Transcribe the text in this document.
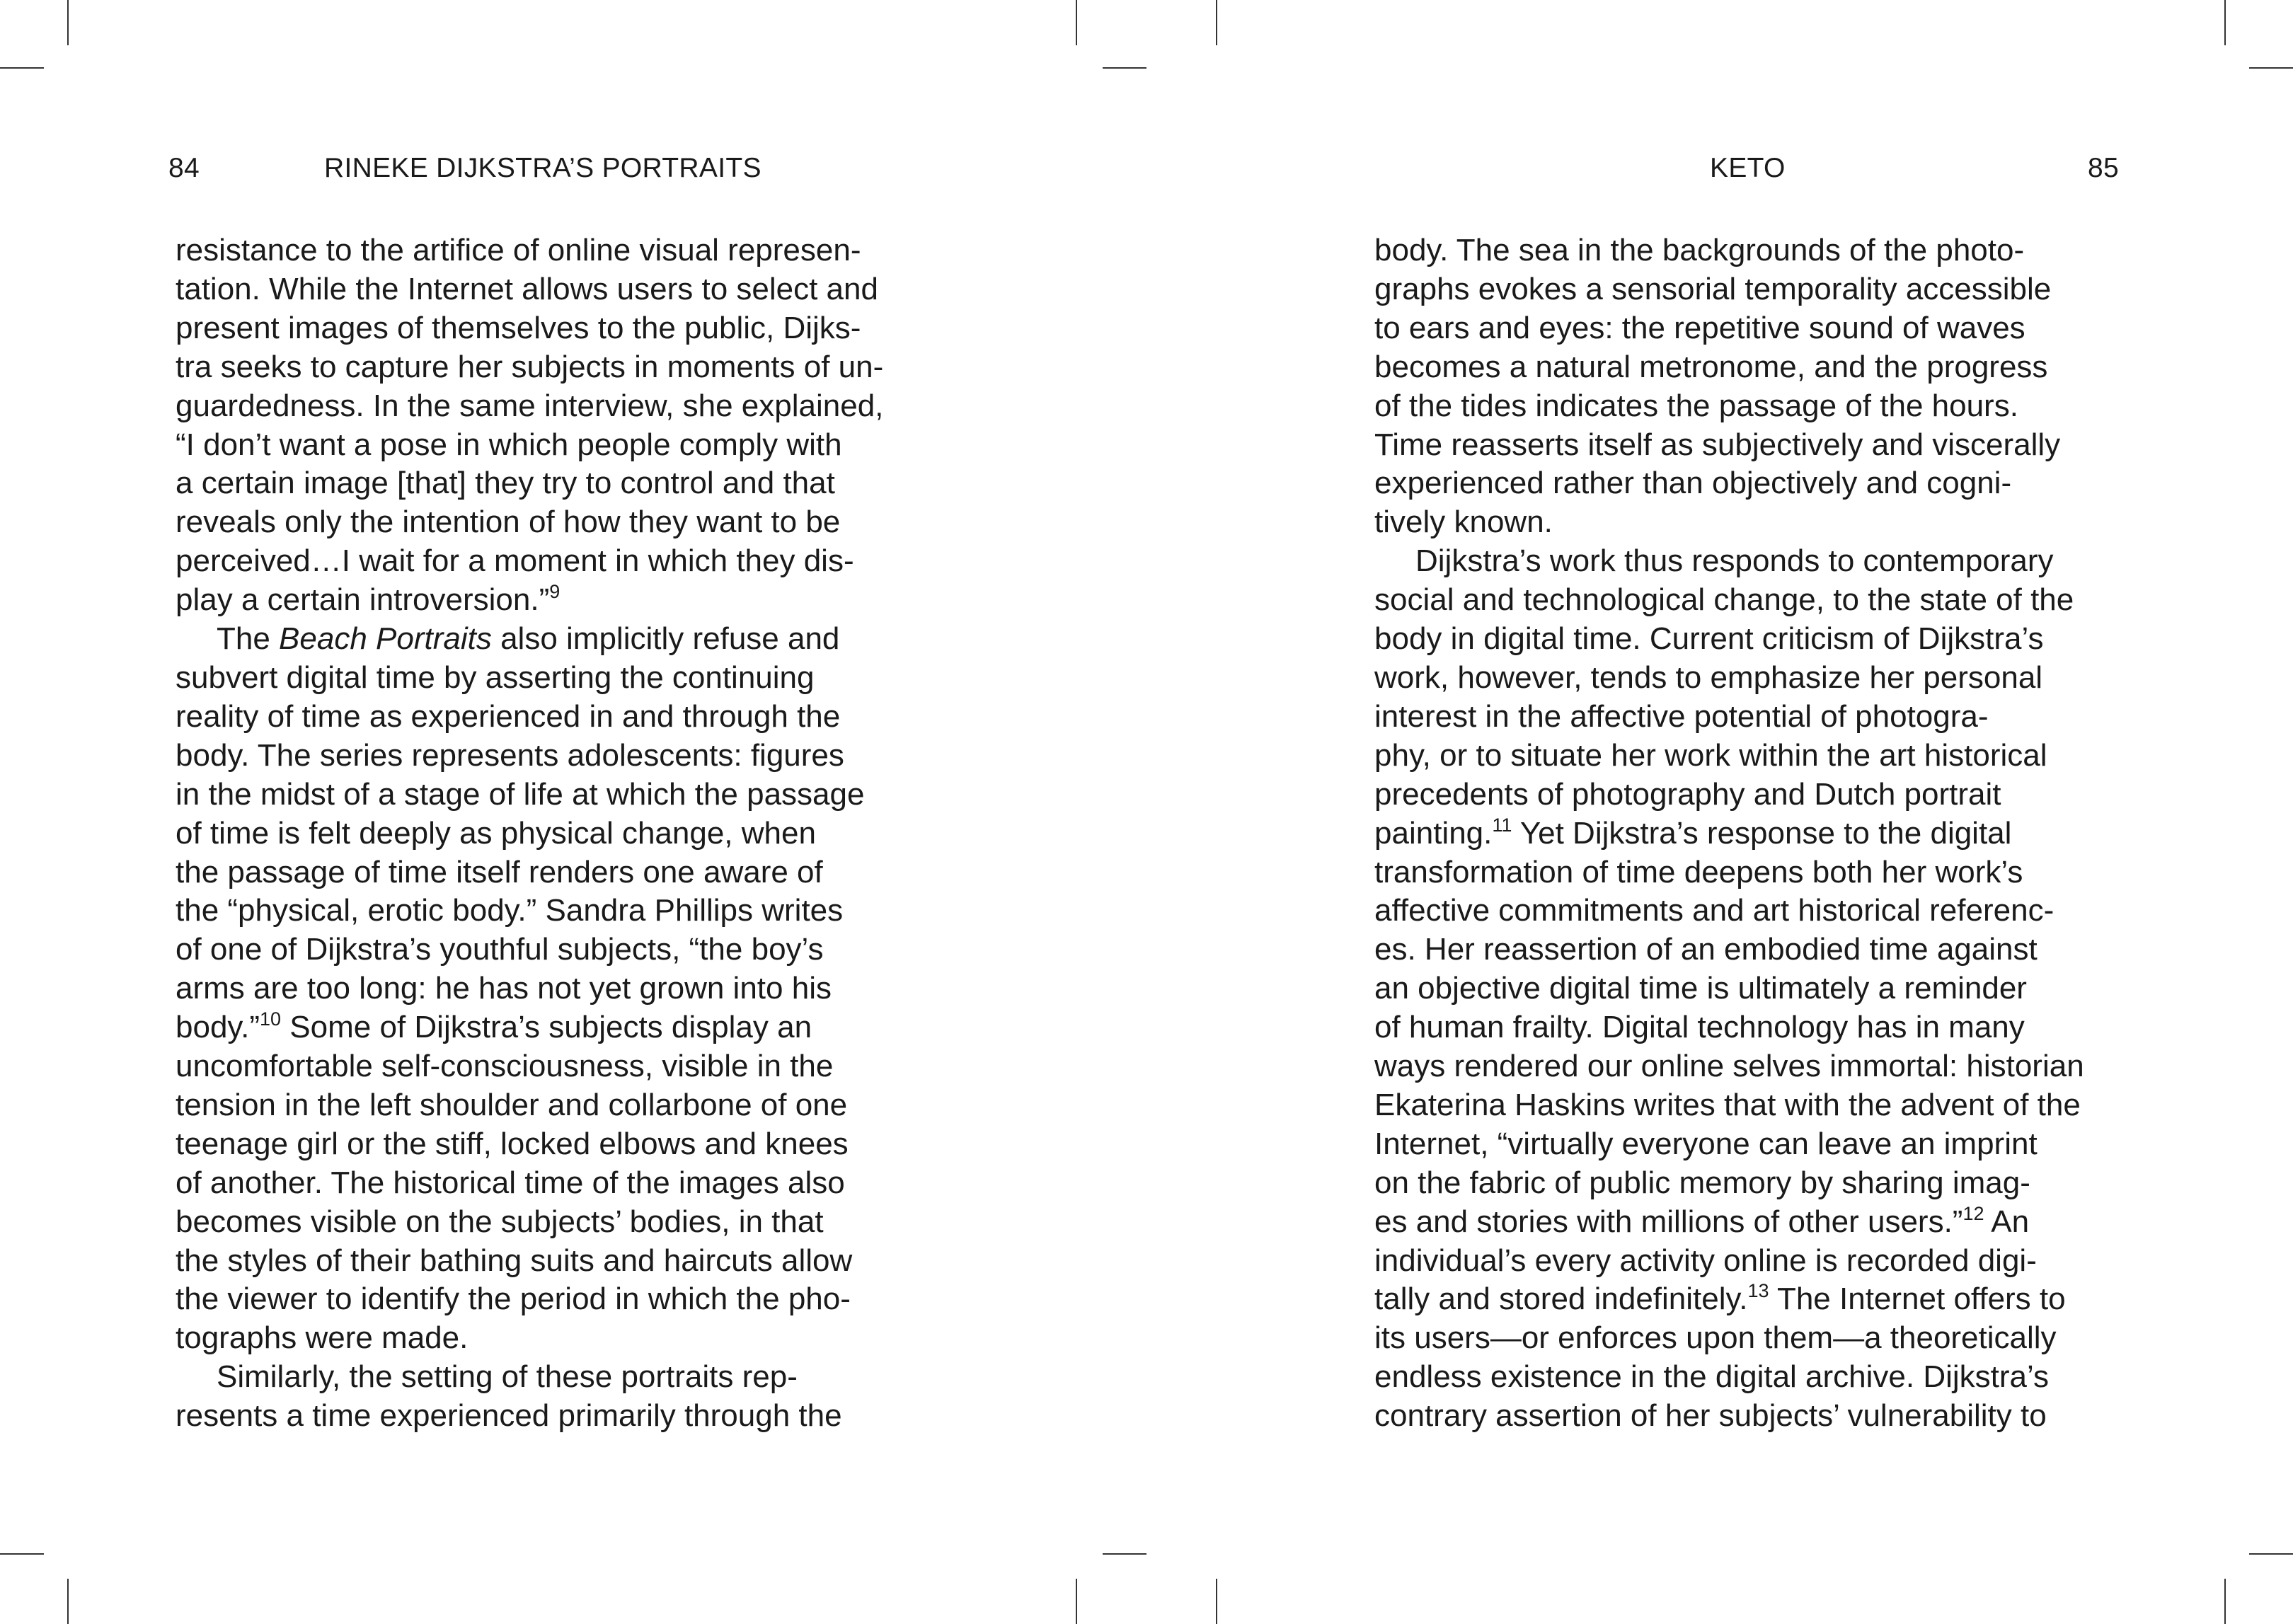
84	RINEKE DIJKSTRA’S PORTRAITS	KETO	85
resistance to the artifice of online visual represen-
tation. While the Internet allows users to select and
present images of themselves to the public, Dijks-
tra seeks to capture her subjects in moments of un-
guardedness. In the same interview, she explained,
“I don’t want a pose in which people comply with
a certain image [that] they try to control and that
reveals only the intention of how they want to be
perceived…I wait for a moment in which they dis-
play a certain introversion.”$^9$
The Beach Portraits also implicitly refuse and
subvert digital time by asserting the continuing
reality of time as experienced in and through the
body. The series represents adolescents: figures
in the midst of a stage of life at which the passage
of time is felt deeply as physical change, when
the passage of time itself renders one aware of
the “physical, erotic body.” Sandra Phillips writes
of one of Dijkstra’s youthful subjects, “the boy’s
arms are too long: he has not yet grown into his
body.”$^{10}$ Some of Dijkstra’s subjects display an
uncomfortable self-consciousness, visible in the
tension in the left shoulder and collarbone of one
teenage girl or the stiff, locked elbows and knees
of another. The historical time of the images also
becomes visible on the subjects’ bodies, in that
the styles of their bathing suits and haircuts allow
the viewer to identify the period in which the pho-
tographs were made.
Similarly, the setting of these portraits rep-
resents a time experienced primarily through the
body. The sea in the backgrounds of the photo-
graphs evokes a sensorial temporality accessible
to ears and eyes: the repetitive sound of waves
becomes a natural metronome, and the progress
of the tides indicates the passage of the hours.
Time reasserts itself as subjectively and viscerally
experienced rather than objectively and cogni-
tively known.
Dijkstra’s work thus responds to contemporary
social and technological change, to the state of the
body in digital time. Current criticism of Dijkstra’s
work, however, tends to emphasize her personal
interest in the affective potential of photogra-
phy, or to situate her work within the art historical
precedents of photography and Dutch portrait
painting.$^{11}$ Yet Dijkstra’s response to the digital
transformation of time deepens both her work’s
affective commitments and art historical referenc-
es. Her reassertion of an embodied time against
an objective digital time is ultimately a reminder
of human frailty. Digital technology has in many
ways rendered our online selves immortal: historian
Ekaterina Haskins writes that with the advent of the
Internet, “virtually everyone can leave an imprint
on the fabric of public memory by sharing imag-
es and stories with millions of other users.”$^{12}$ An
individual’s every activity online is recorded digi-
tally and stored indefinitely.$^{13}$ The Internet offers to
its users—or enforces upon them—a theoretically
endless existence in the digital archive. Dijkstra’s
contrary assertion of her subjects’ vulnerability to
